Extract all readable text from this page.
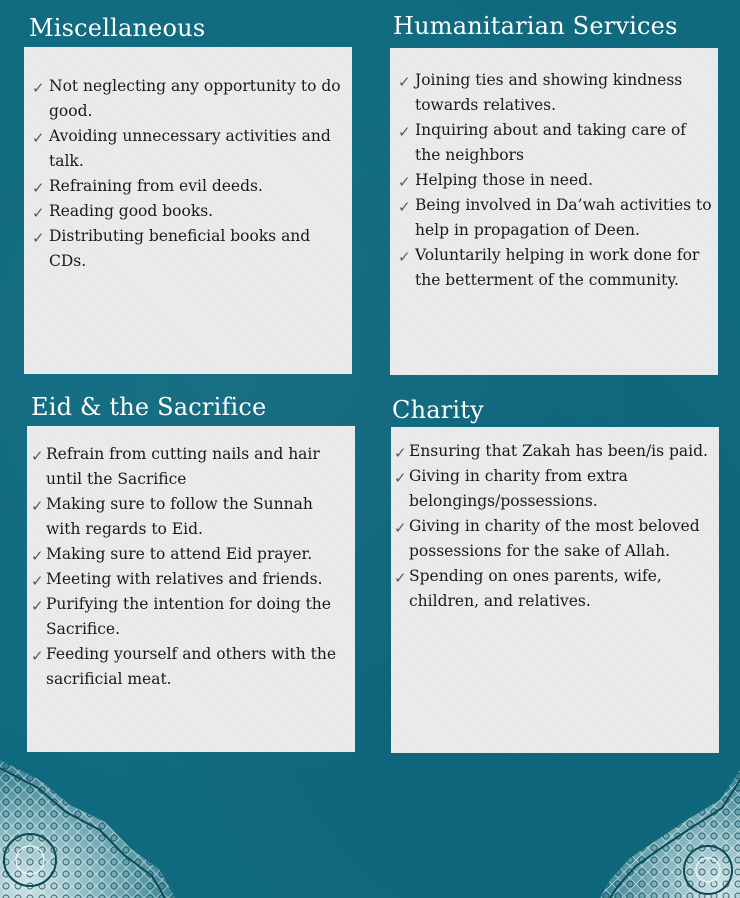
Miscellaneous
✓ Not neglecting any opportunity to do good.
✓ Avoiding unnecessary activities and talk.
✓ Refraining from evil deeds.
✓ Reading good books.
✓ Distributing beneficial books and CDs.
Humanitarian Services
✓ Joining ties and showing kindness towards relatives.
✓ Inquiring about and taking care of the neighbors
✓ Helping those in need.
✓ Being involved in Da’wah activities to help in propagation of Deen.
✓ Voluntarily helping in work done for the betterment of the community.
Eid & the Sacrifice
✓ Refrain from cutting nails and hair until the Sacrifice
✓ Making sure to follow the Sunnah with regards to Eid.
✓ Making sure to attend Eid prayer.
✓ Meeting with relatives and friends.
✓ Purifying the intention for doing the Sacrifice.
✓ Feeding yourself and others with the sacrificial meat.
Charity
✓ Ensuring that Zakah has been/is paid.
✓ Giving in charity from extra belongings/possessions.
✓ Giving in charity of the most beloved possessions for the sake of Allah.
✓ Spending on ones parents, wife, children, and relatives.
